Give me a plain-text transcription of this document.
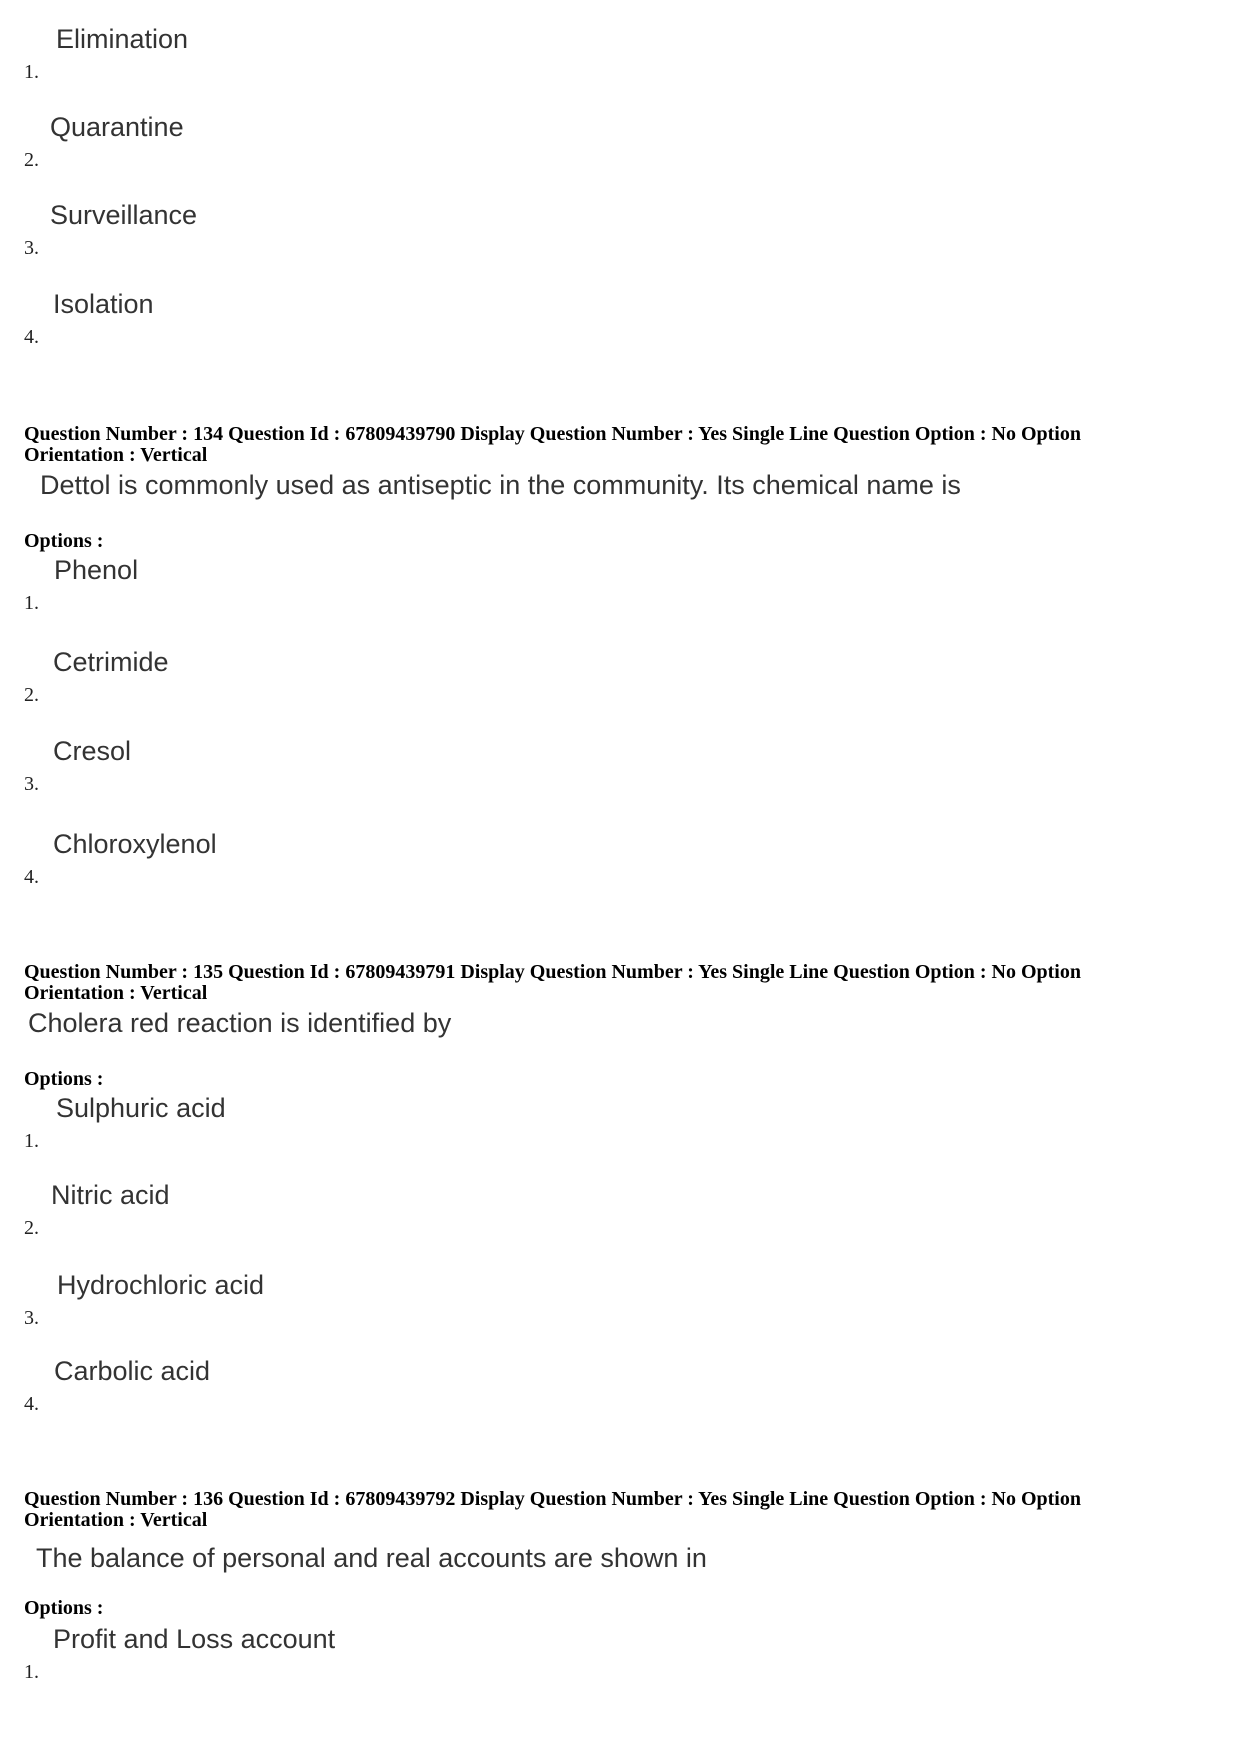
1.
Elimination
2.
Quarantine
3.
Surveillance
4.
Isolation
Question Number : 134 Question Id : 67809439790 Display Question Number : Yes Single Line Question Option : No Option
Orientation : Vertical
Dettol is commonly used as antiseptic in the community. Its chemical name is
Options :
1.
Phenol
2.
Cetrimide
3.
Cresol
4.
Chloroxylenol
Question Number : 135 Question Id : 67809439791 Display Question Number : Yes Single Line Question Option : No Option
Orientation : Vertical
Cholera red reaction is identified by
Options :
1.
Sulphuric acid
2.
Nitric acid
3.
Hydrochloric acid
4.
Carbolic acid
Question Number : 136 Question Id : 67809439792 Display Question Number : Yes Single Line Question Option : No Option
Orientation : Vertical
The balance of personal and real accounts are shown in
Options :
1.
Profit and Loss account
